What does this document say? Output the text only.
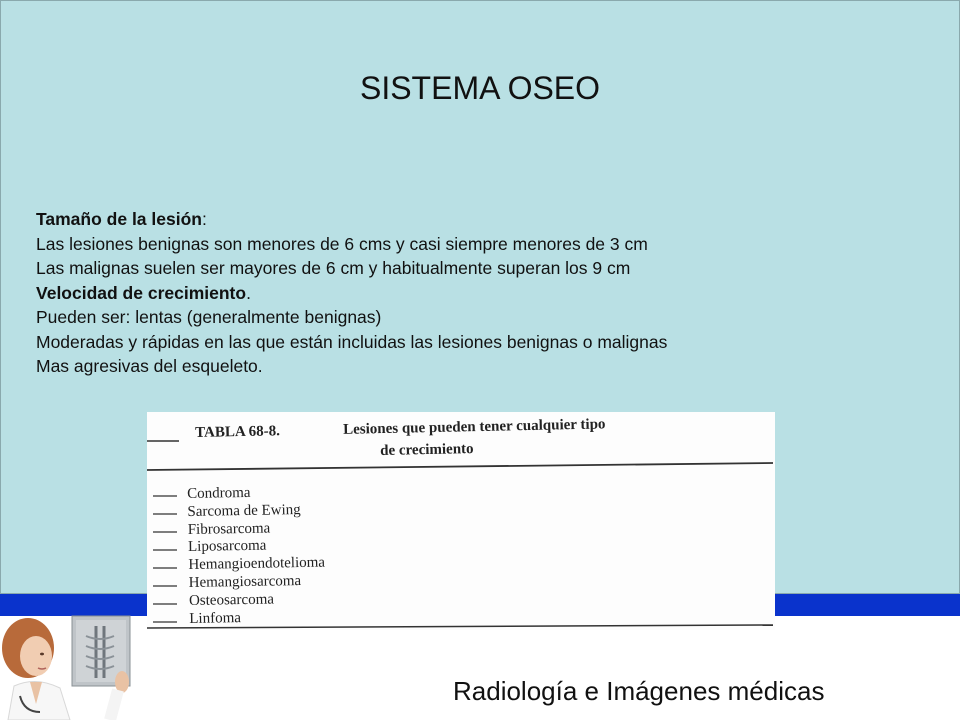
SISTEMA OSEO
Tamaño de la lesión:
Las lesiones benignas son menores de 6 cms y casi siempre menores de 3 cm
Las malignas suelen ser mayores de 6 cm y habitualmente superan los 9 cm
Velocidad de crecimiento.
Pueden ser: lentas (generalmente benignas)
Moderadas y rápidas en las que están incluidas las lesiones benignas o malignas
Mas agresivas del esqueleto.
TABLA 68-8.	Lesiones que pueden tener cualquier tipo
de crecimiento
Condroma
Sarcoma de Ewing
Fibrosarcoma
Liposarcoma
Hemangioendotelioma
Hemangiosarcoma
Osteosarcoma
Linfoma
Radiología e Imágenes médicas
